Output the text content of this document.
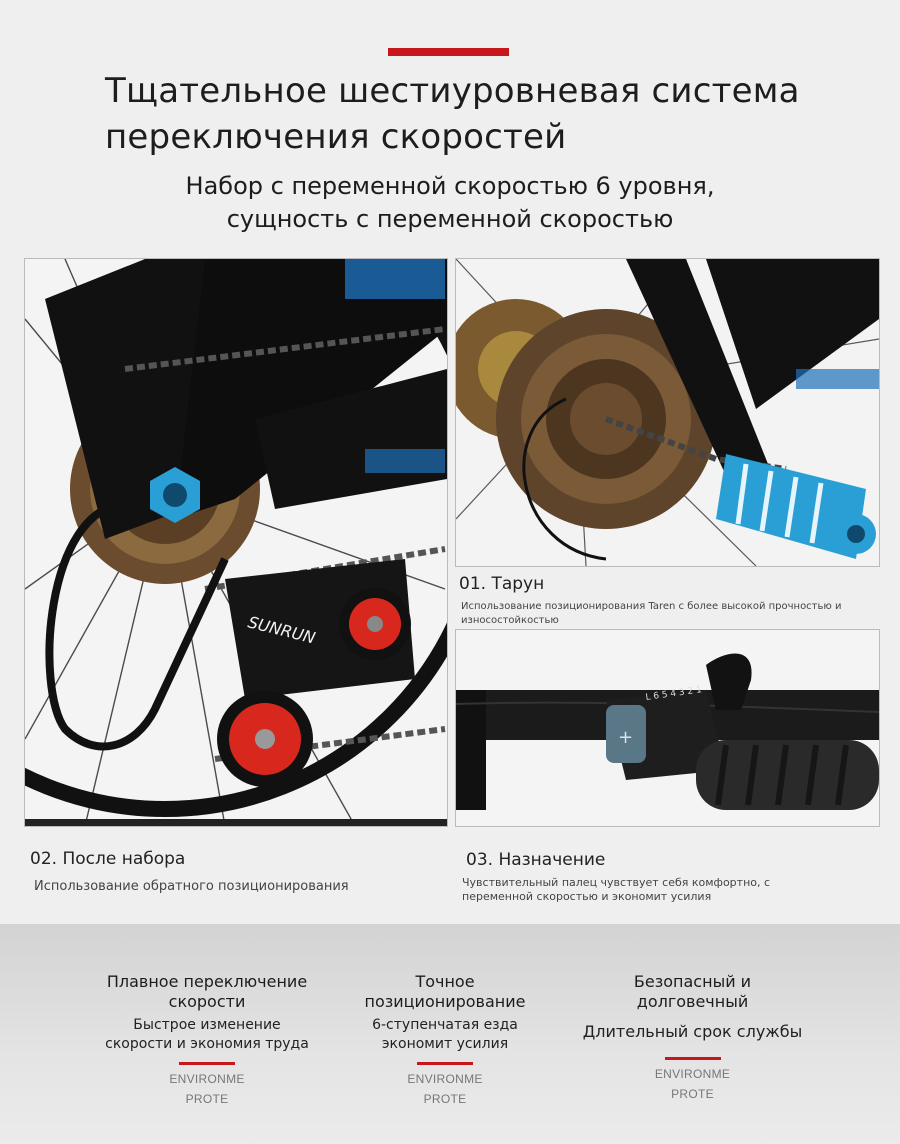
Тщательное шестиуровневая система переключения скоростей
Набор с переменной скоростью 6 уровня,
сущность с переменной скоростью
SUNRUN
01. Тарун
Использование позиционирования Taren с более высокой прочностью и износостойкостью
+
L 6 5 4 3 2 1
02. После набора
Использование обратного позиционирования
03. Назначение
Чувствительный палец чувствует себя комфортно, с переменной скоростью и экономит усилия
Плавное переключение
скорости
Быстрое изменение
скорости и экономия труда
ENVIRONME
PROTE
Точное
позиционирование
6-ступенчатая езда
экономит усилия
ENVIRONME
PROTE
Безопасный и
долговечный
Длительный срок службы
ENVIRONME
PROTE
